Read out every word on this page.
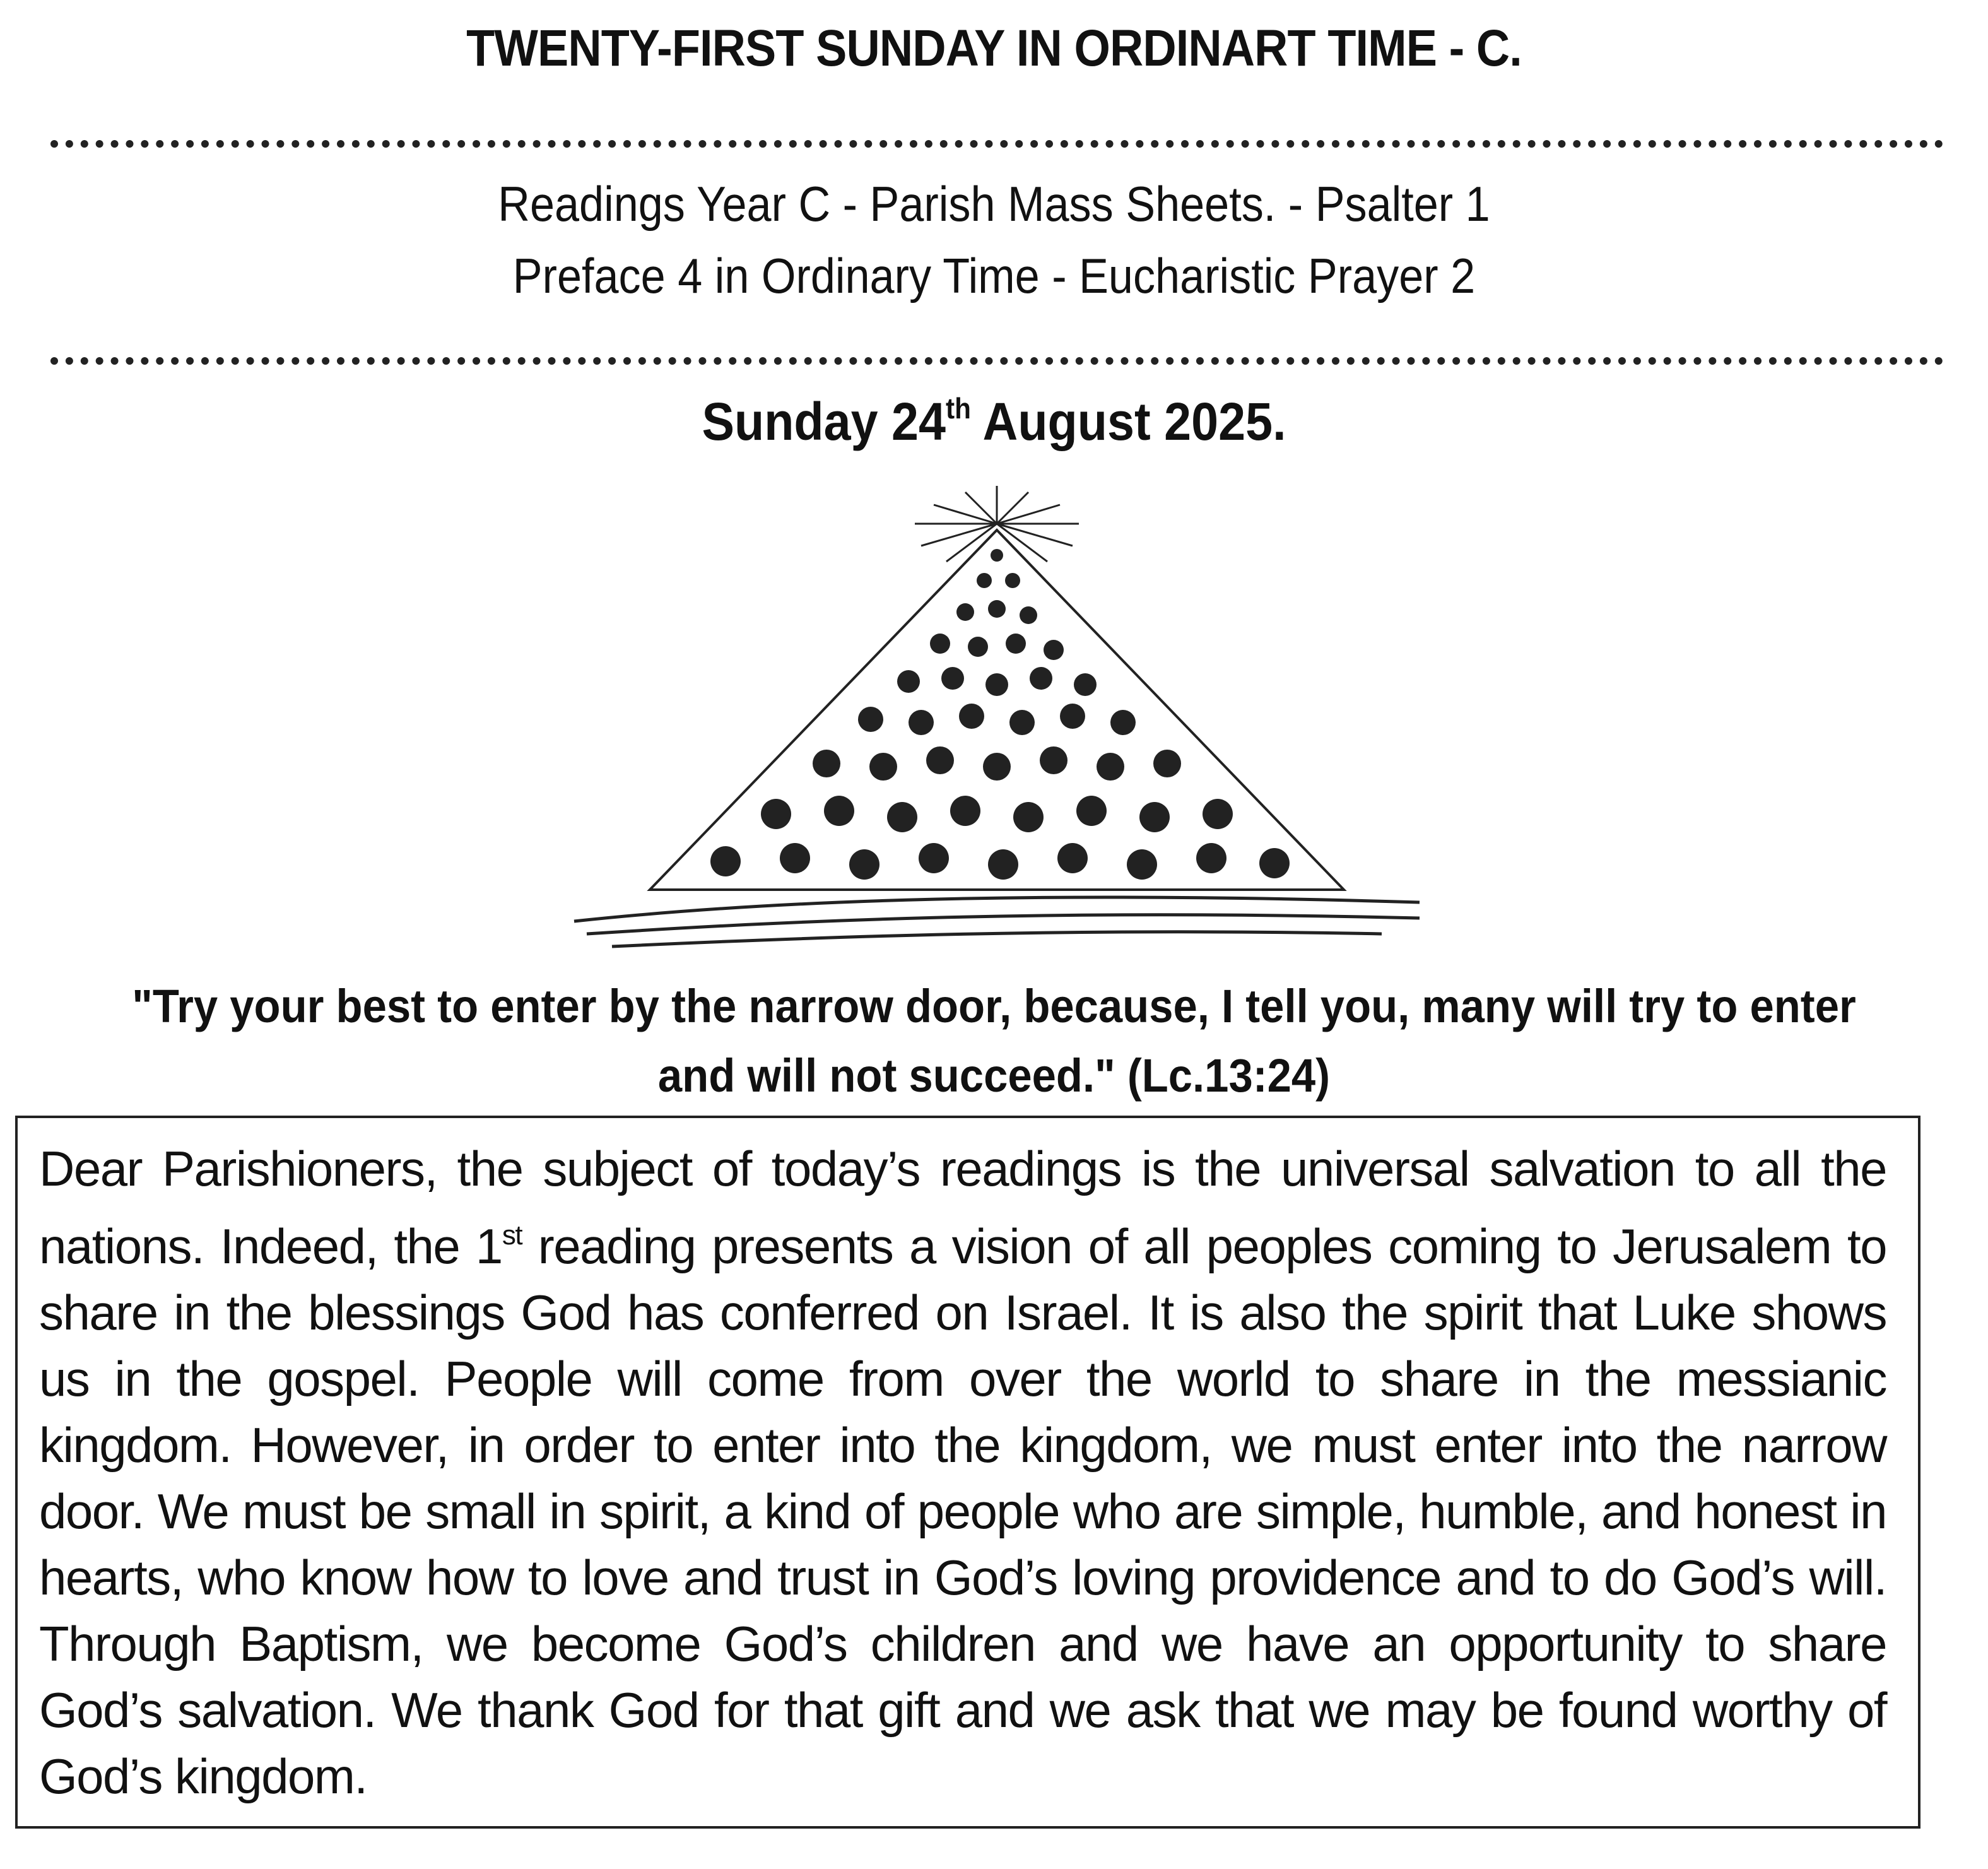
TWENTY-FIRST SUNDAY IN ORDINART TIME - C.
Readings Year C - Parish Mass Sheets. - Psalter 1
Preface 4 in Ordinary Time - Eucharistic Prayer 2
Sunday 24th August 2025.
"Try your best to enter by the narrow door, because, I tell you, many will try to enter and will not succeed." (Lc.13:24)
Dear Parishioners, the subject of today’s readings is the universal salvation to all the nations. Indeed, the 1st reading presents a vision of all peoples coming to Jerusalem to share in the blessings God has conferred on Israel. It is also the spirit that Luke shows us in the gospel. People will come from over the world to share in the messianic kingdom. However, in order to enter into the kingdom, we must enter into the narrow door. We must be small in spirit, a kind of people who are simple, humble, and honest in hearts, who know how to love and trust in God’s loving providence and to do God’s will. Through Baptism, we become God’s children and we have an opportunity to share God’s salvation. We thank God for that gift and we ask that we may be found worthy of God’s kingdom.
